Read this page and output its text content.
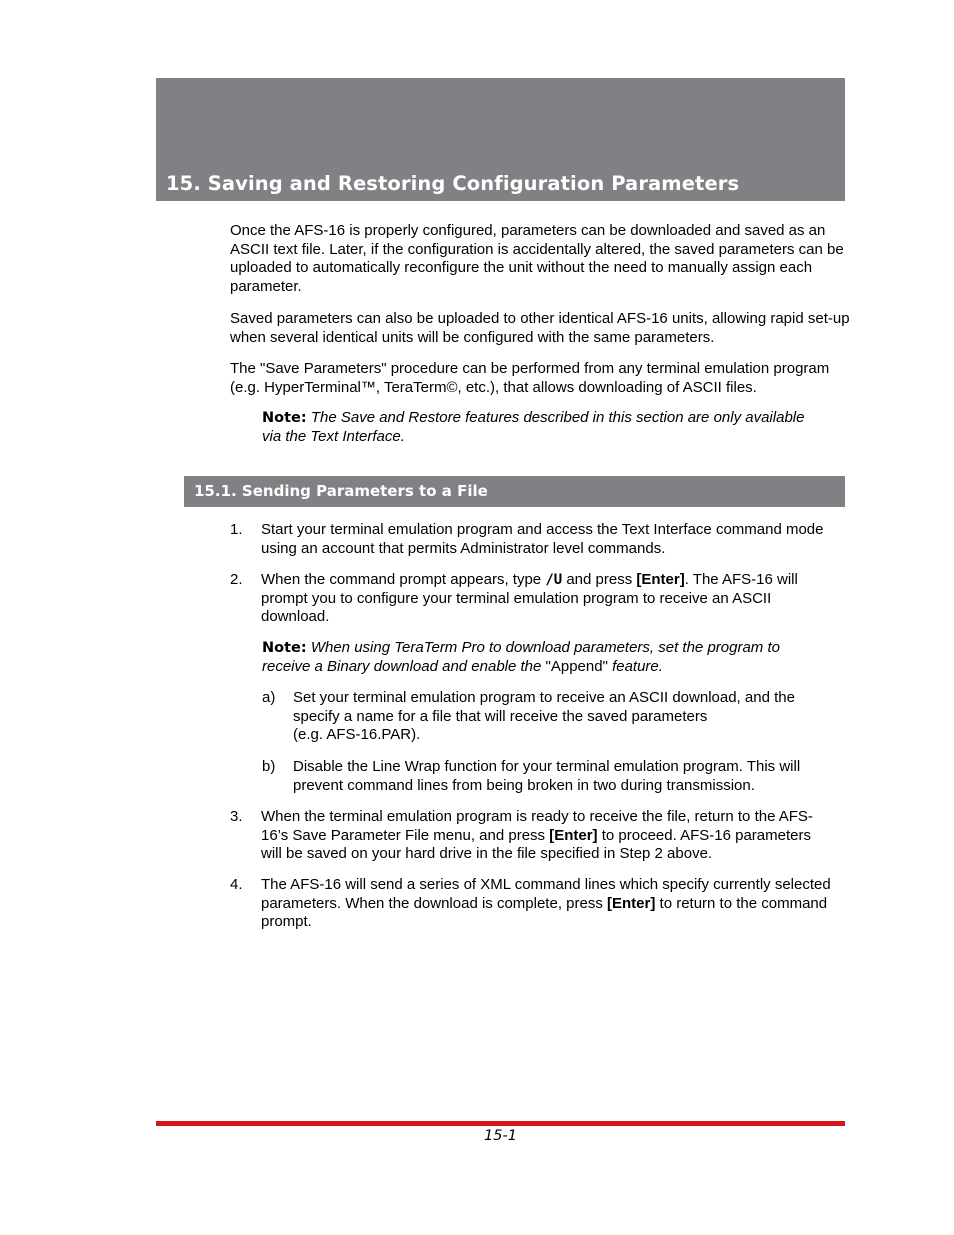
15. Saving and Restoring Configuration Parameters

Once the AFS-16 is properly configured, parameters can be downloaded and saved as an ASCII text file. Later, if the configuration is accidentally altered, the saved parameters can be uploaded to automatically reconfigure the unit without the need to manually assign each parameter.

Saved parameters can also be uploaded to other identical AFS-16 units, allowing rapid set-up when several identical units will be configured with the same parameters.

The "Save Parameters" procedure can be performed from any terminal emulation program (e.g. HyperTerminal™, TeraTerm©, etc.), that allows downloading of ASCII files.

Note: The Save and Restore features described in this section are only available via the Text Interface.
15.1. Sending Parameters to a File
1. Start your terminal emulation program and access the Text Interface command mode using an account that permits Administrator level commands.
2. When the command prompt appears, type /U and press [Enter]. The AFS-16 will prompt you to configure your terminal emulation program to receive an ASCII download.
Note: When using TeraTerm Pro to download parameters, set the program to receive a Binary download and enable the "Append" feature.
a) Set your terminal emulation program to receive an ASCII download, and the specify a name for a file that will receive the saved parameters
(e.g. AFS-16.PAR).
b) Disable the Line Wrap function for your terminal emulation program. This will prevent command lines from being broken in two during transmission.
3. When the terminal emulation program is ready to receive the file, return to the AFS-16’s Save Parameter File menu, and press [Enter] to proceed. AFS-16 parameters will be saved on your hard drive in the file specified in Step 2 above.
4. The AFS-16 will send a series of XML command lines which specify currently selected parameters. When the download is complete, press [Enter] to return to the command prompt.
15-1
